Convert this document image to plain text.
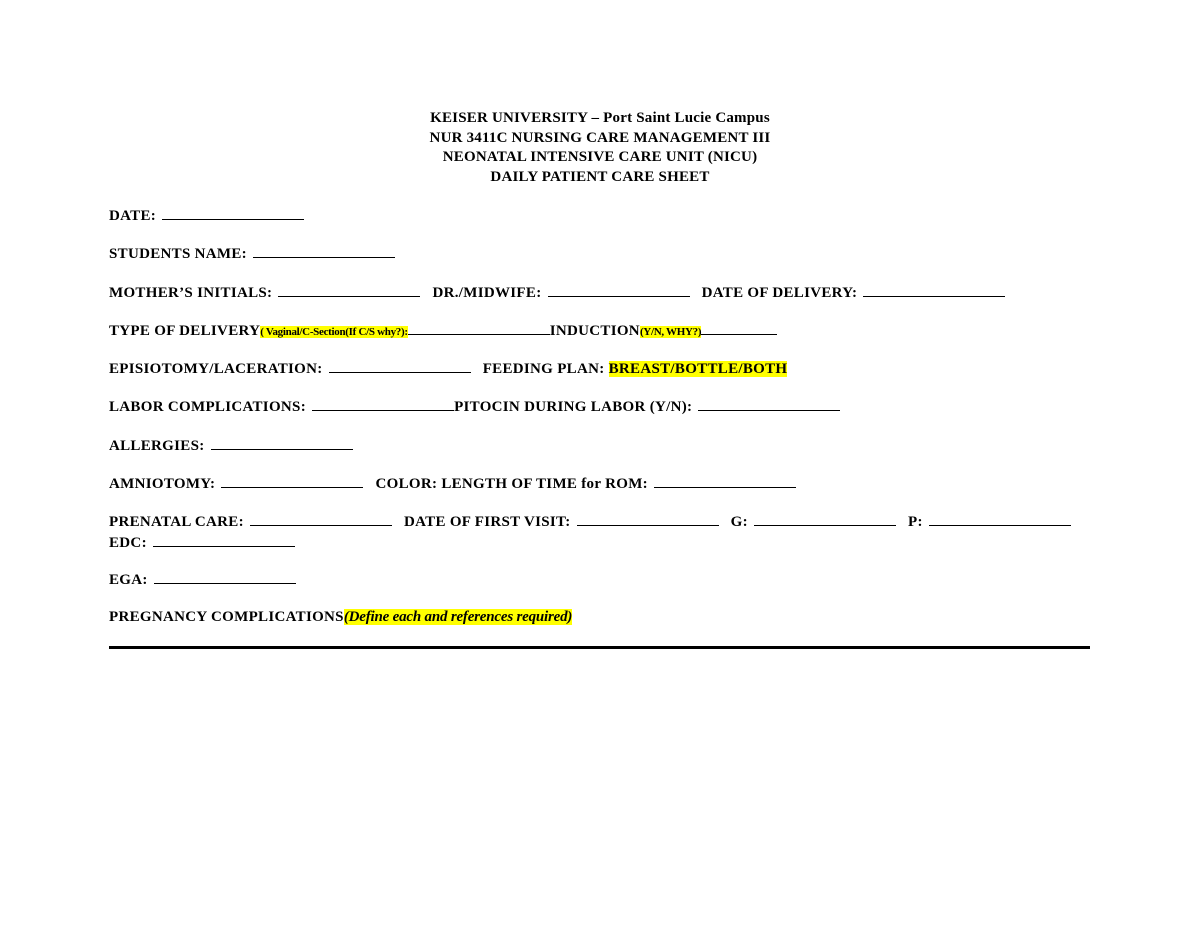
KEISER UNIVERSITY – Port Saint Lucie Campus
NUR 3411C NURSING CARE MANAGEMENT III
NEONATAL INTENSIVE CARE UNIT (NICU)
DAILY PATIENT CARE SHEET
DATE:
STUDENTS NAME:
MOTHER’S INITIALS:	DR./MIDWIFE:	DATE OF DELIVERY:
TYPE OF DELIVERY( Vaginal/C-Section(If C/S why?):	INDUCTION(Y/N, WHY?)
EPISIOTOMY/LACERATION:	FEEDING PLAN: BREAST/BOTTLE/BOTH
LABOR COMPLICATIONS:	PITOCIN DURING LABOR (Y/N):
ALLERGIES:
AMNIOTOMY:	COLOR: LENGTH OF TIME for ROM:
PRENATAL CARE:	DATE OF FIRST VISIT:	G:	P:
EDC:
EGA:
PREGNANCY COMPLICATIONS(Define each and references required)
